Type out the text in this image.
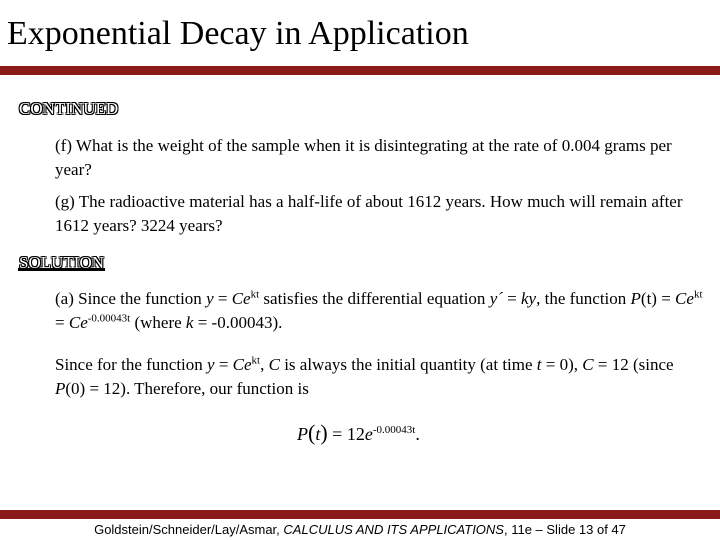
Exponential Decay in Application
CONTINUED
(f) What is the weight of the sample when it is disintegrating at the rate of 0.004 grams per year?
(g) The radioactive material has a half-life of about 1612 years. How much will remain after 1612 years? 3224 years?
SOLUTION
(a) Since the function $y = Ce^{kt}$ satisfies the differential equation y´ = ky, the function $P(t) = Ce^{kt} = Ce^{-0.00043t}$ (where k = -0.00043).
Since for the function $y = Ce^{kt}$, C is always the initial quantity (at time t = 0), C = 12 (since P(0) = 12). Therefore, our function is
$P(t) = 12e^{-0.00043t}$.
Goldstein/Schneider/Lay/Asmar, CALCULUS AND ITS APPLICATIONS, 11e – Slide 13 of 47
